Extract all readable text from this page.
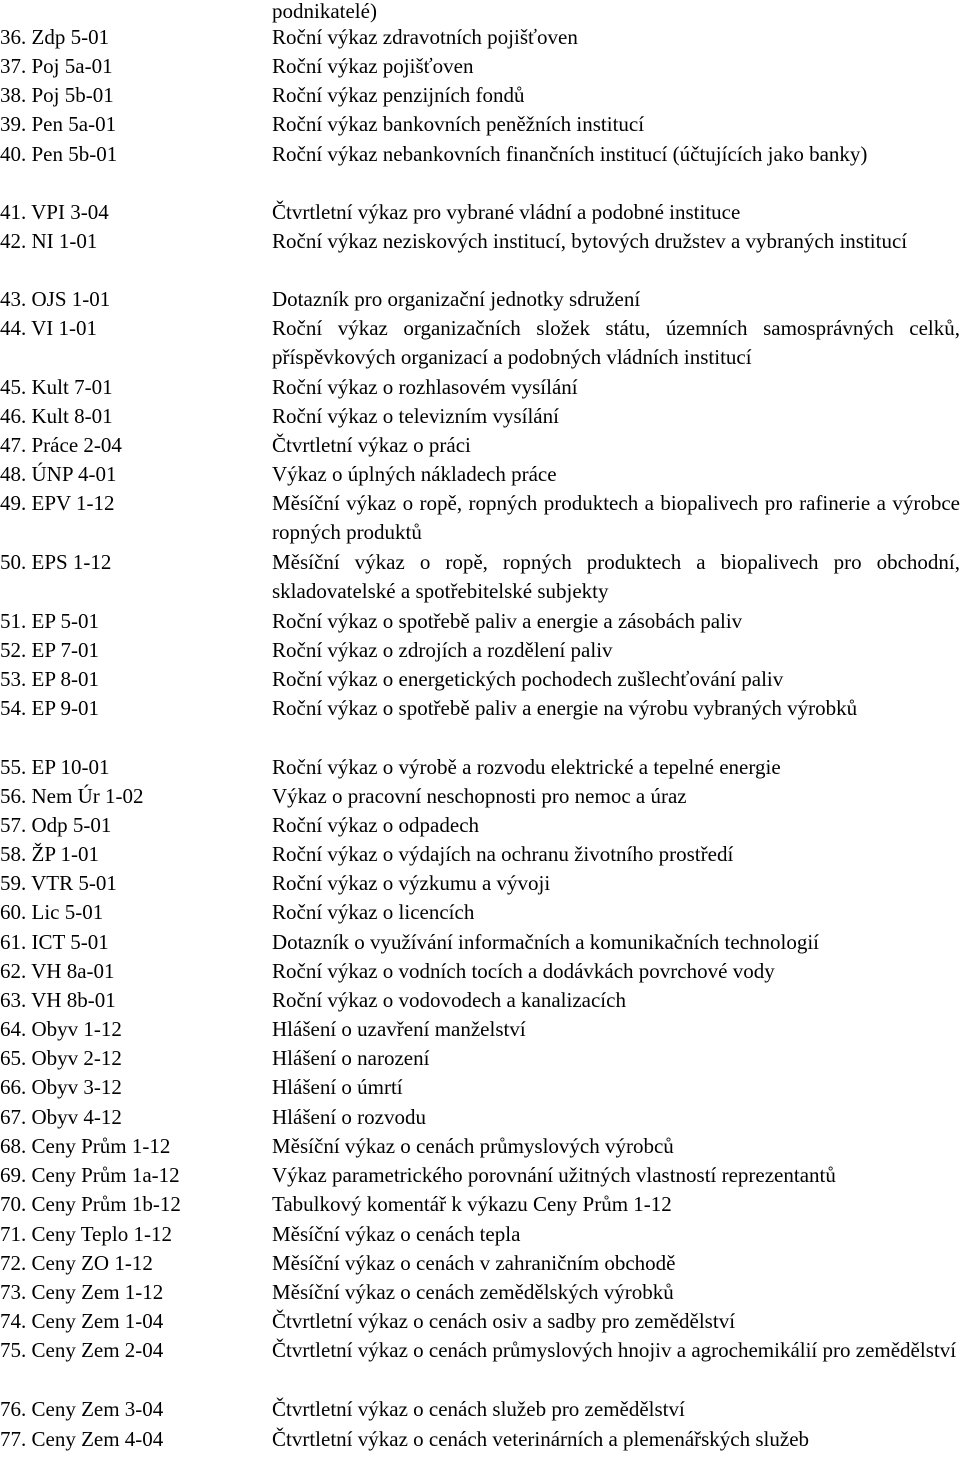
podnikatelé)
36. Zdp 5-01	Roční výkaz zdravotních pojišťoven
37. Poj 5a-01	Roční výkaz pojišťoven
38. Poj 5b-01	Roční výkaz penzijních fondů
39. Pen 5a-01	Roční výkaz bankovních peněžních institucí
40. Pen 5b-01	Roční výkaz nebankovních finančních institucí (účtujících jako banky)
41. VPI 3-04	Čtvrtletní výkaz pro vybrané vládní a podobné instituce
42. NI 1-01	Roční výkaz neziskových institucí, bytových družstev a vybraných institucí
43. OJS 1-01	Dotazník pro organizační jednotky sdružení
44. VI 1-01	Roční výkaz organizačních složek státu, územních samosprávných celků, příspěvkových organizací a podobných vládních institucí
45. Kult 7-01	Roční výkaz o rozhlasovém vysílání
46. Kult 8-01	Roční výkaz o televizním vysílání
47. Práce 2-04	Čtvrtletní výkaz o práci
48. ÚNP 4-01	Výkaz o úplných nákladech práce
49. EPV 1-12	Měsíční výkaz o ropě, ropných produktech a biopalivech pro rafinerie a výrobce ropných produktů
50. EPS 1-12	Měsíční výkaz o ropě, ropných produktech a biopalivech pro obchodní, skladovatelské a spotřebitelské subjekty
51. EP 5-01	Roční výkaz o spotřebě paliv a energie a zásobách paliv
52. EP 7-01	Roční výkaz o zdrojích a rozdělení paliv
53. EP 8-01	Roční výkaz o energetických pochodech zušlechťování paliv
54. EP 9-01	Roční výkaz o spotřebě paliv a energie na výrobu vybraných výrobků
55. EP 10-01	Roční výkaz o výrobě a rozvodu elektrické a tepelné energie
56. Nem Úr 1-02	Výkaz o pracovní neschopnosti pro nemoc a úraz
57. Odp 5-01	Roční výkaz o odpadech
58. ŽP 1-01	Roční výkaz o výdajích na ochranu životního prostředí
59. VTR 5-01	Roční výkaz o výzkumu a vývoji
60. Lic 5-01	Roční výkaz o licencích
61. ICT 5-01	Dotazník o využívání informačních a komunikačních technologií
62. VH 8a-01	Roční výkaz o vodních tocích a dodávkách povrchové vody
63. VH 8b-01	Roční výkaz o vodovodech a kanalizacích
64. Obyv 1-12	Hlášení o uzavření manželství
65. Obyv 2-12	Hlášení o narození
66. Obyv 3-12	Hlášení o úmrtí
67. Obyv 4-12	Hlášení o rozvodu
68. Ceny Prům 1-12	Měsíční výkaz o cenách průmyslových výrobců
69. Ceny Prům 1a-12	Výkaz parametrického porovnání užitných vlastností reprezentantů
70. Ceny Prům 1b-12	Tabulkový komentář k výkazu Ceny Prům 1-12
71. Ceny Teplo 1-12	Měsíční výkaz o cenách tepla
72. Ceny ZO 1-12	Měsíční výkaz o cenách v zahraničním obchodě
73. Ceny Zem 1-12	Měsíční výkaz o cenách zemědělských výrobků
74. Ceny Zem 1-04	Čtvrtletní výkaz o cenách osiv a sadby pro zemědělství
75. Ceny Zem 2-04	Čtvrtletní výkaz o cenách průmyslových hnojiv a agrochemikálií pro zemědělství
76. Ceny Zem 3-04	Čtvrtletní výkaz o cenách služeb pro zemědělství
77. Ceny Zem 4-04	Čtvrtletní výkaz o cenách veterinárních a plemenářských služeb
